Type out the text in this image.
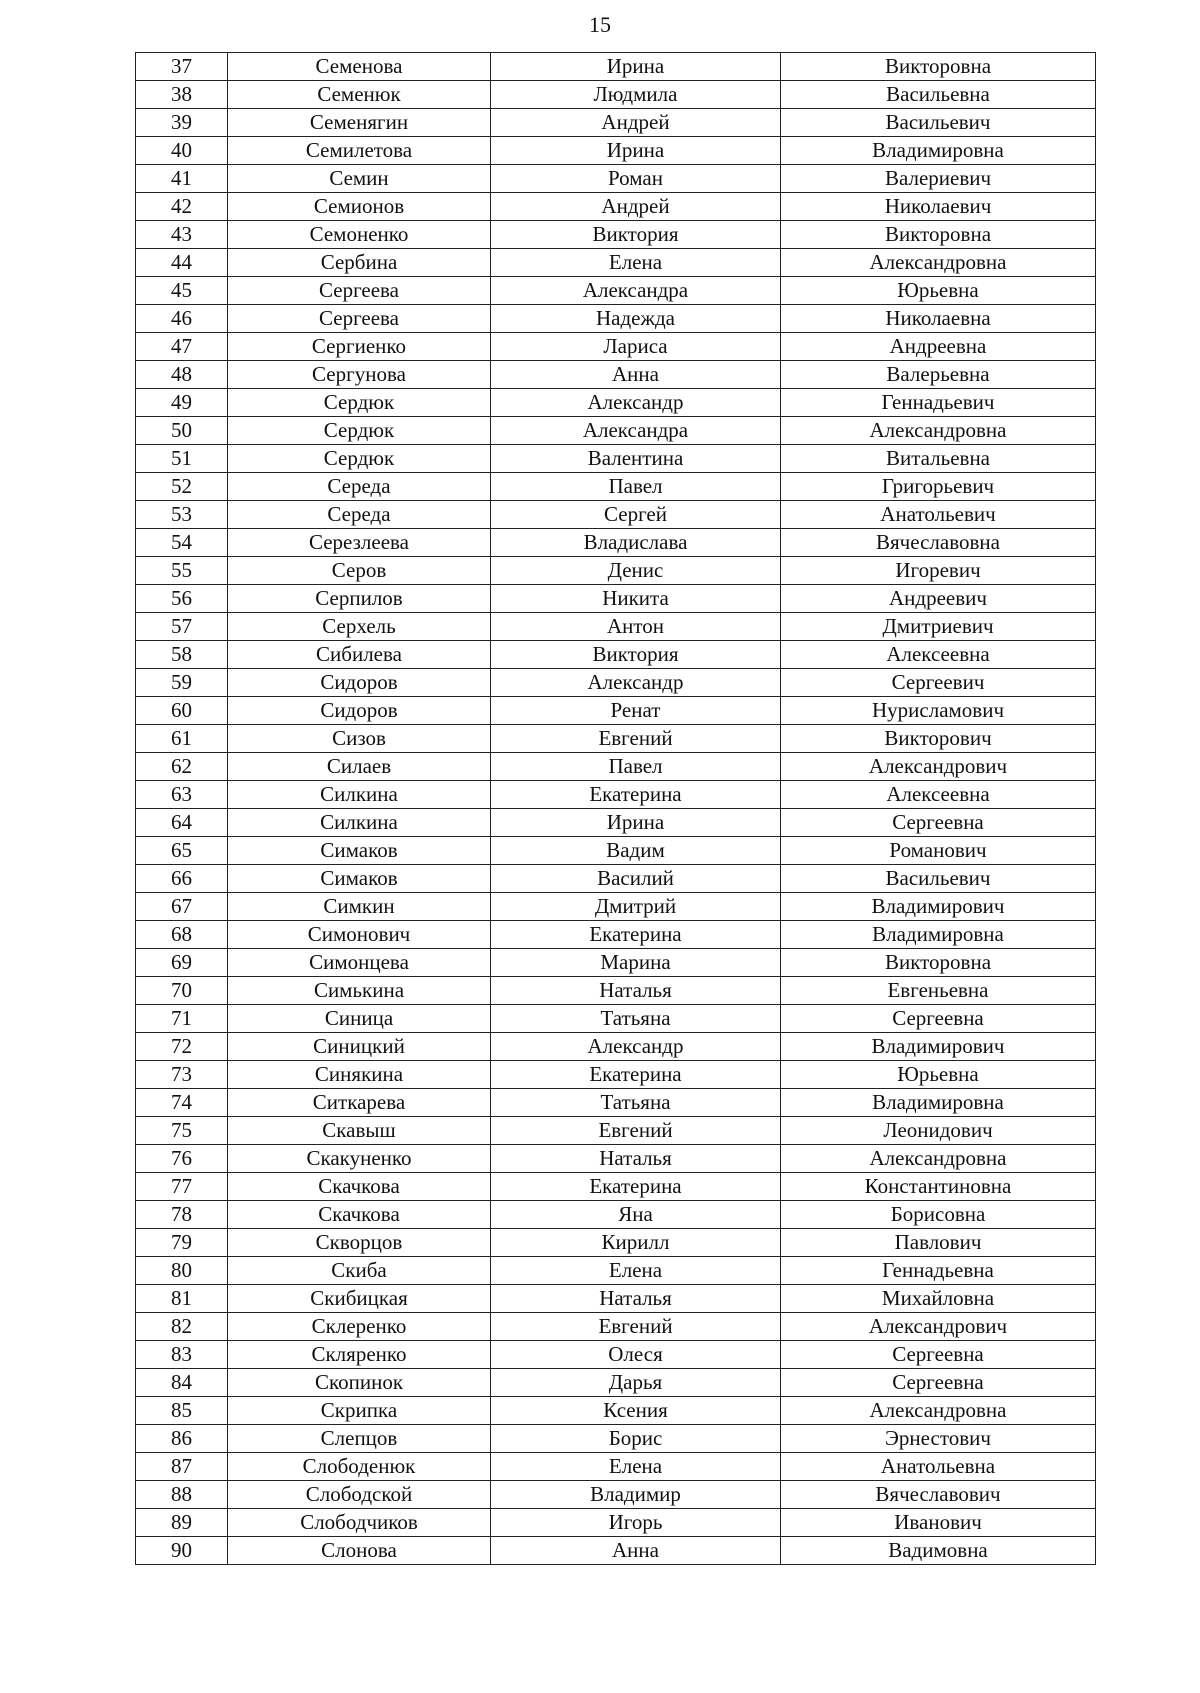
15
37	Семенова	Ирина	Викторовна
38	Семенюк	Людмила	Васильевна
39	Семенягин	Андрей	Васильевич
40	Семилетова	Ирина	Владимировна
41	Семин	Роман	Валериевич
42	Семионов	Андрей	Николаевич
43	Семоненко	Виктория	Викторовна
44	Сербина	Елена	Александровна
45	Сергеева	Александра	Юрьевна
46	Сергеева	Надежда	Николаевна
47	Сергиенко	Лариса	Андреевна
48	Сергунова	Анна	Валерьевна
49	Сердюк	Александр	Геннадьевич
50	Сердюк	Александра	Александровна
51	Сердюк	Валентина	Витальевна
52	Середа	Павел	Григорьевич
53	Середа	Сергей	Анатольевич
54	Серезлеева	Владислава	Вячеславовна
55	Серов	Денис	Игоревич
56	Серпилов	Никита	Андреевич
57	Серхель	Антон	Дмитриевич
58	Сибилева	Виктория	Алексеевна
59	Сидоров	Александр	Сергеевич
60	Сидоров	Ренат	Нурисламович
61	Сизов	Евгений	Викторович
62	Силаев	Павел	Александрович
63	Силкина	Екатерина	Алексеевна
64	Силкина	Ирина	Сергеевна
65	Симаков	Вадим	Романович
66	Симаков	Василий	Васильевич
67	Симкин	Дмитрий	Владимирович
68	Симонович	Екатерина	Владимировна
69	Симонцева	Марина	Викторовна
70	Симькина	Наталья	Евгеньевна
71	Синица	Татьяна	Сергеевна
72	Синицкий	Александр	Владимирович
73	Синякина	Екатерина	Юрьевна
74	Ситкарева	Татьяна	Владимировна
75	Скавыш	Евгений	Леонидович
76	Скакуненко	Наталья	Александровна
77	Скачкова	Екатерина	Константиновна
78	Скачкова	Яна	Борисовна
79	Скворцов	Кирилл	Павлович
80	Скиба	Елена	Геннадьевна
81	Скибицкая	Наталья	Михайловна
82	Склеренко	Евгений	Александрович
83	Скляренко	Олеся	Сергеевна
84	Скопинок	Дарья	Сергеевна
85	Скрипка	Ксения	Александровна
86	Слепцов	Борис	Эрнестович
87	Слободенюк	Елена	Анатольевна
88	Слободской	Владимир	Вячеславович
89	Слободчиков	Игорь	Иванович
90	Слонова	Анна	Вадимовна
